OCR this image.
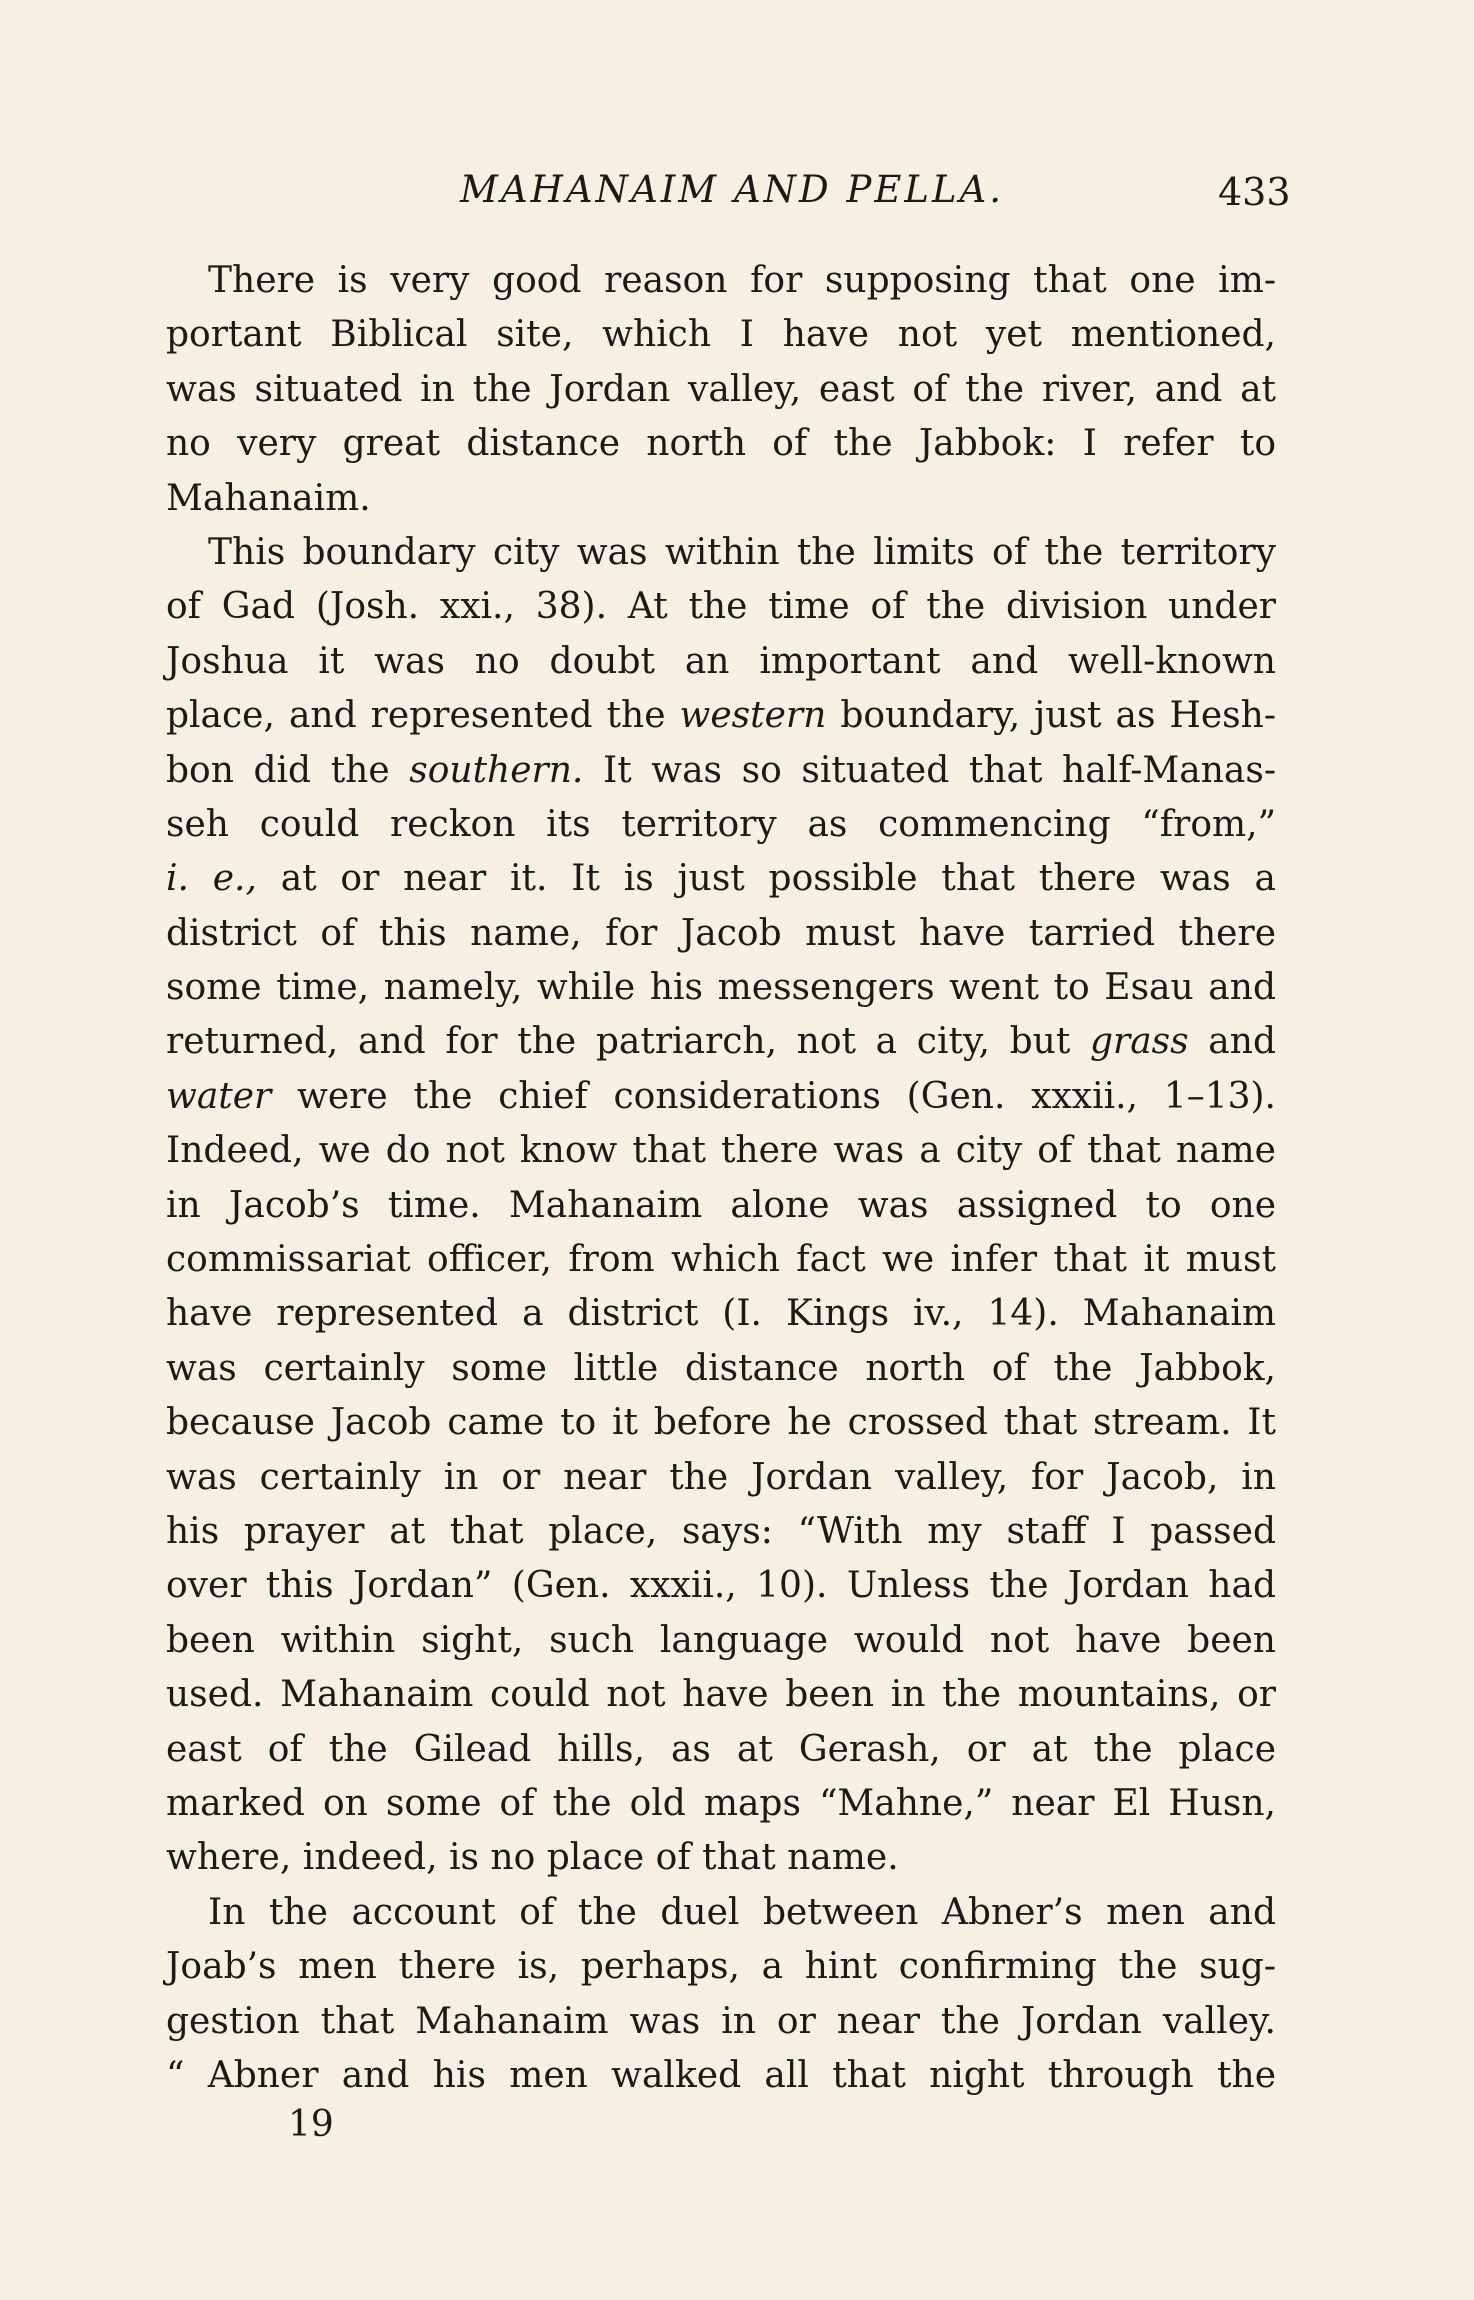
MAHANAIM AND PELLA.	433
There is very good reason for supposing that one im-
portant Biblical site, which I have not yet mentioned,
was situated in the Jordan valley, east of the river, and at
no very great distance north of the Jabbok: I refer to
Mahanaim.
This boundary city was within the limits of the territory
of Gad (Josh. xxi., 38). At the time of the division under
Joshua it was no doubt an important and well-known
place, and represented the western boundary, just as Hesh-
bon did the southern. It was so situated that half-Manas-
seh could reckon its territory as commencing “from,”
i. e., at or near it. It is just possible that there was a
district of this name, for Jacob must have tarried there
some time, namely, while his messengers went to Esau and
returned, and for the patriarch, not a city, but grass and
water were the chief considerations (Gen. xxxii., 1–13).
Indeed, we do not know that there was a city of that name
in Jacob’s time. Mahanaim alone was assigned to one
commissariat officer, from which fact we infer that it must
have represented a district (I. Kings iv., 14). Mahanaim
was certainly some little distance north of the Jabbok,
because Jacob came to it before he crossed that stream. It
was certainly in or near the Jordan valley, for Jacob, in
his prayer at that place, says: “With my staff I passed
over this Jordan” (Gen. xxxii., 10). Unless the Jordan had
been within sight, such language would not have been
used. Mahanaim could not have been in the mountains, or
east of the Gilead hills, as at Gerash, or at the place
marked on some of the old maps “Mahne,” near El Husn,
where, indeed, is no place of that name.
In the account of the duel between Abner’s men and
Joab’s men there is, perhaps, a hint confirming the sug-
gestion that Mahanaim was in or near the Jordan valley.
“ Abner and his men walked all that night through the
19
